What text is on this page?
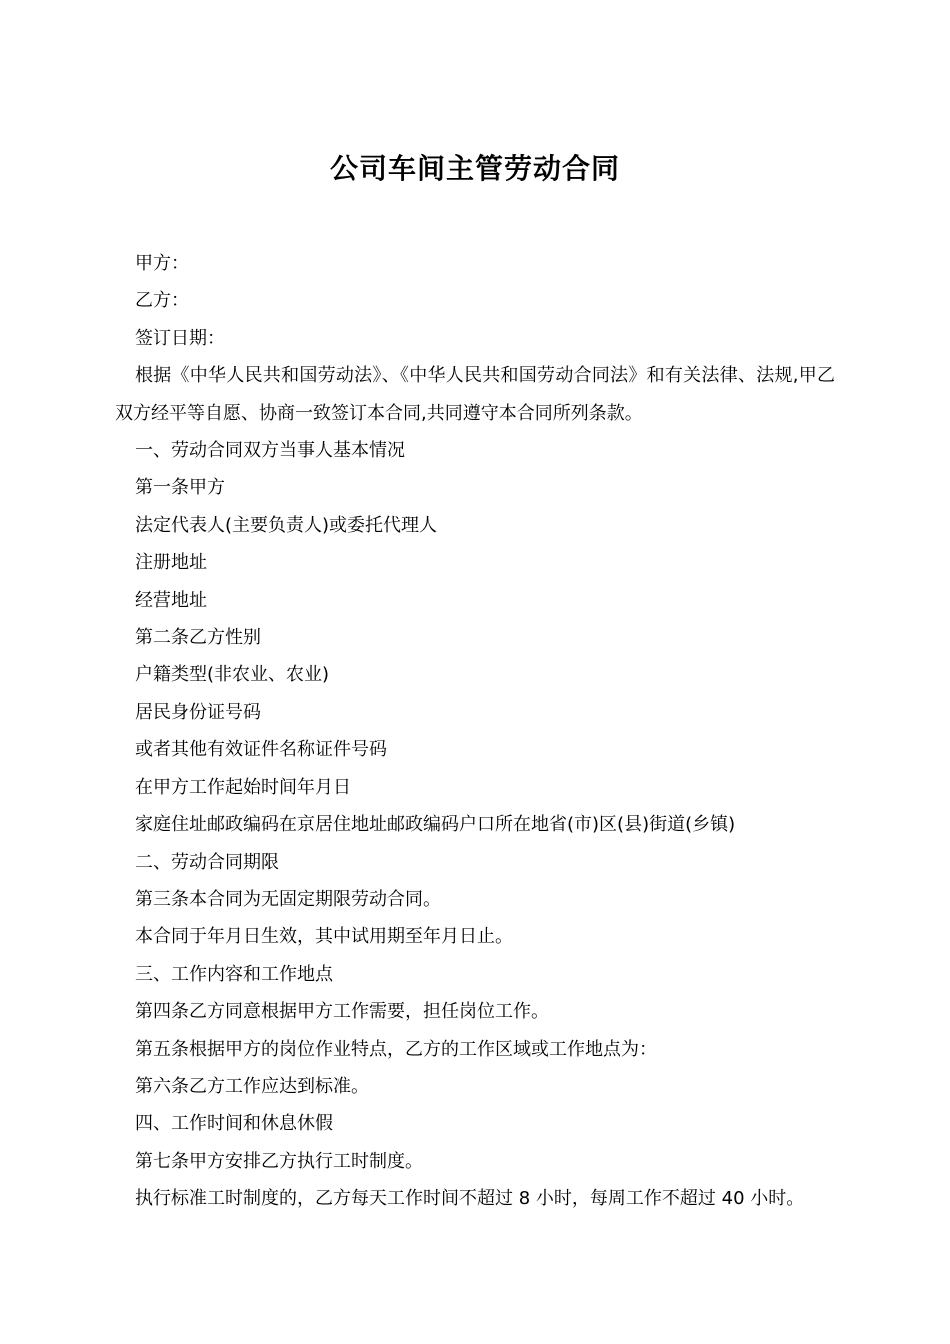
公司车间主管劳动合同

甲方：

乙方：

签订日期：

根据《中华人民共和国劳动法》、《中华人民共和国劳动合同法》和有关法律、法规,甲乙双方经平等自愿、协商一致签订本合同,共同遵守本合同所列条款。

一、劳动合同双方当事人基本情况

第一条甲方

法定代表人(主要负责人)或委托代理人

注册地址

经营地址

第二条乙方性别

户籍类型(非农业、农业)

居民身份证号码

或者其他有效证件名称证件号码

在甲方工作起始时间年月日

家庭住址邮政编码在京居住地址邮政编码户口所在地省(市)区(县)街道(乡镇)

二、劳动合同期限

第三条本合同为无固定期限劳动合同。

本合同于年月日生效，其中试用期至年月日止。

三、工作内容和工作地点

第四条乙方同意根据甲方工作需要，担任岗位工作。

第五条根据甲方的岗位作业特点，乙方的工作区域或工作地点为：

第六条乙方工作应达到标准。

四、工作时间和休息休假

第七条甲方安排乙方执行工时制度。

执行标准工时制度的，乙方每天工作时间不超过 8 小时，每周工作不超过 40 小时。
